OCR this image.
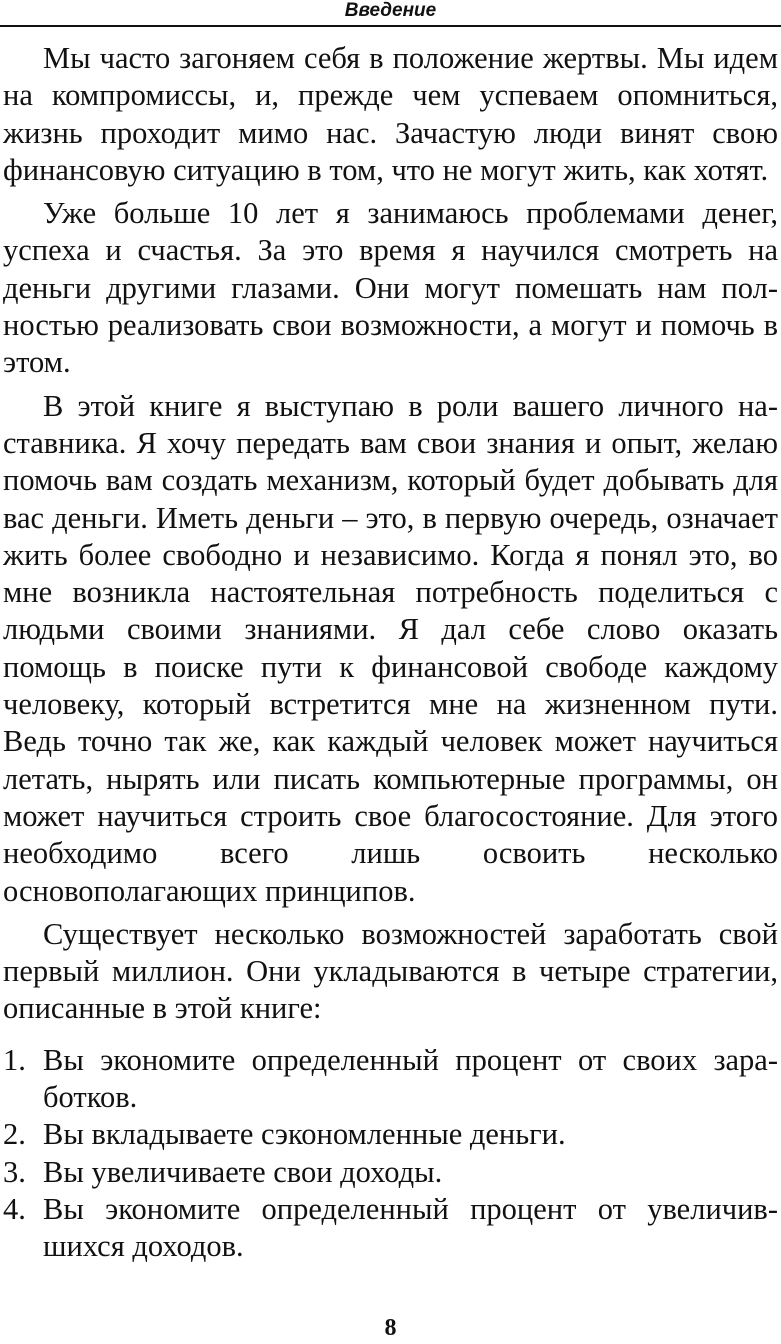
Введение

Мы часто загоняем себя в положение жертвы. Мы идем на компромиссы, и, прежде чем успеваем опомниться, жизнь проходит мимо нас. Зачастую люди винят свою финансовую ситуацию в том, что не могут жить, как хотят.

Уже больше 10 лет я занимаюсь проблемами денег, успеха и счастья. За это время я научился смотреть на деньги другими глазами. Они могут помешать нам полностью реализовать свои возможности, а могут и помочь в этом.

В этой книге я выступаю в роли вашего личного наставника. Я хочу передать вам свои знания и опыт, желаю помочь вам создать механизм, который будет добывать для вас деньги. Иметь деньги – это, в первую очередь, означает жить более свободно и независимо. Когда я понял это, во мне возникла настоятельная потребность поделиться с людьми своими знаниями. Я дал себе слово оказать помощь в поиске пути к финансовой свободе каждому человеку, который встретится мне на жизненном пути. Ведь точно так же, как каждый человек может научиться летать, нырять или писать компьютерные программы, он может научиться строить свое благосостояние. Для этого необходимо всего лишь освоить несколько основополагающих принципов.

Существует несколько возможностей заработать свой первый миллион. Они укладываются в четыре стратегии, описанные в этой книге:

1. Вы экономите определенный процент от своих заработков.
2. Вы вкладываете сэкономленные деньги.
3. Вы увеличиваете свои доходы.
4. Вы экономите определенный процент от увеличившихся доходов.
8
